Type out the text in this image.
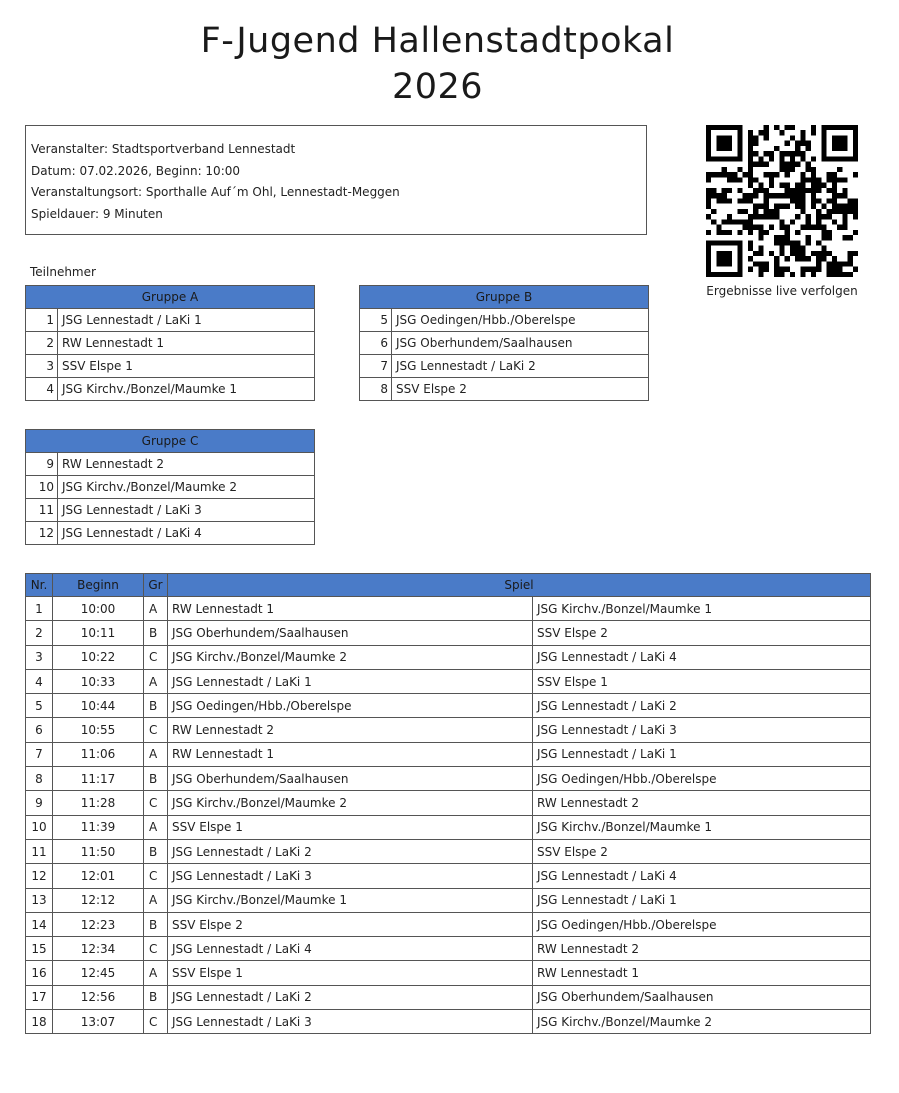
F-Jugend Hallenstadtpokal
2026
Veranstalter: Stadtsportverband Lennestadt
Datum: 07.02.2026, Beginn: 10:00
Veranstaltungsort: Sporthalle Auf´m Ohl, Lennestadt-Meggen
Spieldauer: 9 Minuten
Ergebnisse live verfolgen
Teilnehmer
Gruppe A	
1	JSG Lennestadt / LaKi 1
2	RW Lennestadt 1
3	SSV Elspe 1
4	JSG Kirchv./Bonzel/Maumke 1
Gruppe B	
5	JSG Oedingen/Hbb./Oberelspe
6	JSG Oberhundem/Saalhausen
7	JSG Lennestadt / LaKi 2
8	SSV Elspe 2
Gruppe C	
9	RW Lennestadt 2
10	JSG Kirchv./Bonzel/Maumke 2
11	JSG Lennestadt / LaKi 3
12	JSG Lennestadt / LaKi 4
Nr.	Beginn	Gr	Spiel	
1	10:00	A	RW Lennestadt 1	JSG Kirchv./Bonzel/Maumke 1
2	10:11	B	JSG Oberhundem/Saalhausen	SSV Elspe 2
3	10:22	C	JSG Kirchv./Bonzel/Maumke 2	JSG Lennestadt / LaKi 4
4	10:33	A	JSG Lennestadt / LaKi 1	SSV Elspe 1
5	10:44	B	JSG Oedingen/Hbb./Oberelspe	JSG Lennestadt / LaKi 2
6	10:55	C	RW Lennestadt 2	JSG Lennestadt / LaKi 3
7	11:06	A	RW Lennestadt 1	JSG Lennestadt / LaKi 1
8	11:17	B	JSG Oberhundem/Saalhausen	JSG Oedingen/Hbb./Oberelspe
9	11:28	C	JSG Kirchv./Bonzel/Maumke 2	RW Lennestadt 2
10	11:39	A	SSV Elspe 1	JSG Kirchv./Bonzel/Maumke 1
11	11:50	B	JSG Lennestadt / LaKi 2	SSV Elspe 2
12	12:01	C	JSG Lennestadt / LaKi 3	JSG Lennestadt / LaKi 4
13	12:12	A	JSG Kirchv./Bonzel/Maumke 1	JSG Lennestadt / LaKi 1
14	12:23	B	SSV Elspe 2	JSG Oedingen/Hbb./Oberelspe
15	12:34	C	JSG Lennestadt / LaKi 4	RW Lennestadt 2
16	12:45	A	SSV Elspe 1	RW Lennestadt 1
17	12:56	B	JSG Lennestadt / LaKi 2	JSG Oberhundem/Saalhausen
18	13:07	C	JSG Lennestadt / LaKi 3	JSG Kirchv./Bonzel/Maumke 2
